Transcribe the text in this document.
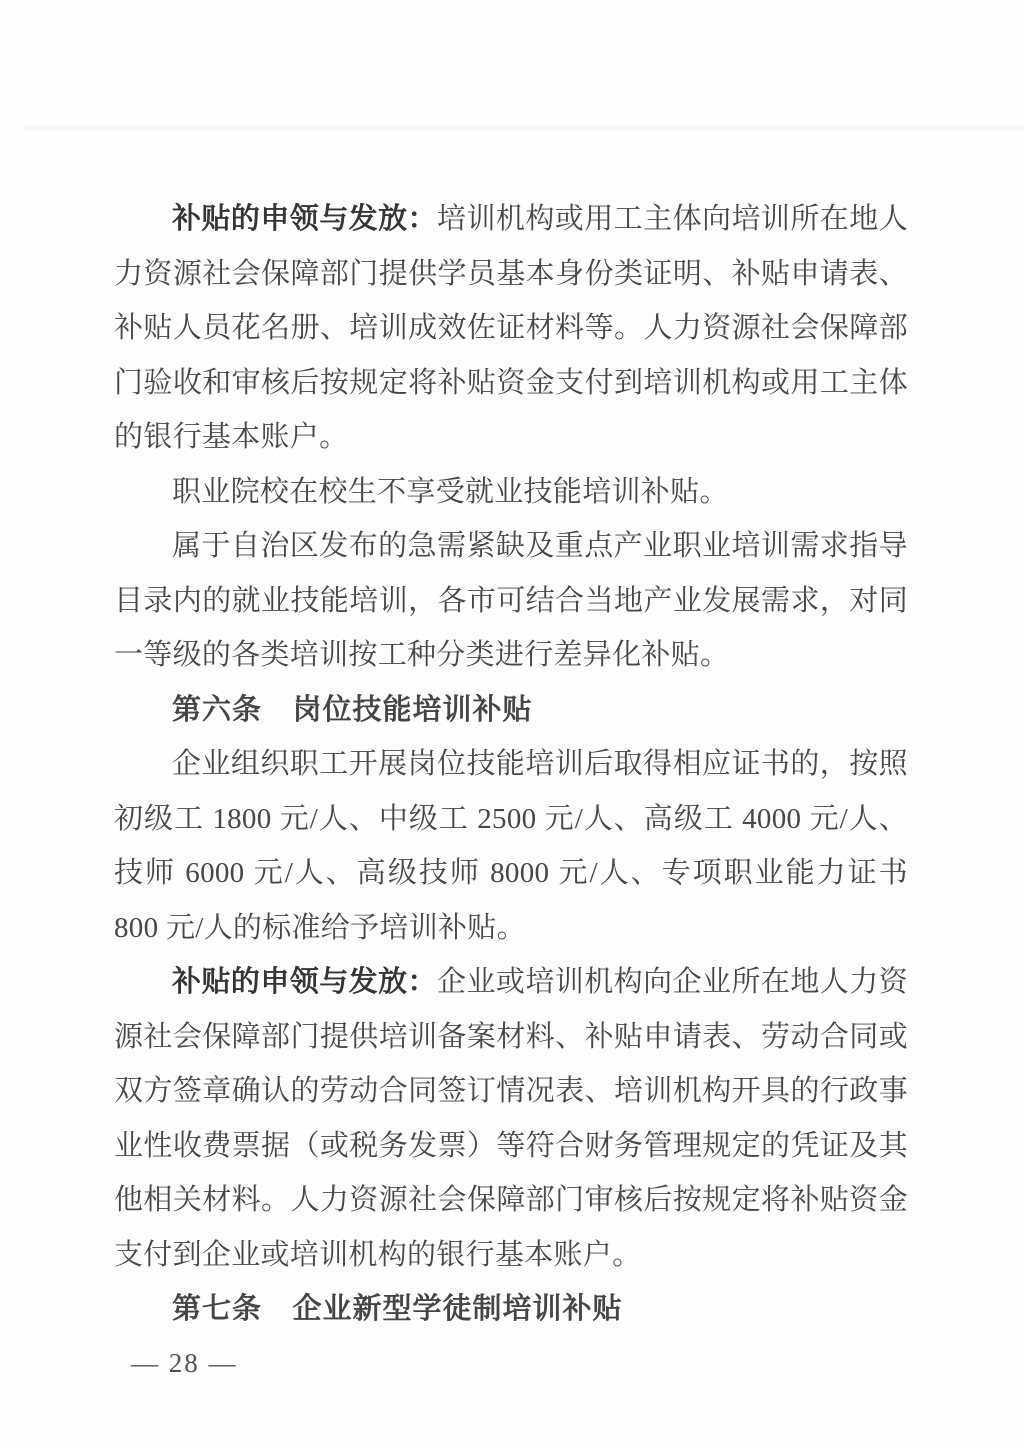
补贴的申领与发放：培训机构或用工主体向培训所在地人力资源社会保障部门提供学员基本身份类证明、补贴申请表、补贴人员花名册、培训成效佐证材料等。人力资源社会保障部门验收和审核后按规定将补贴资金支付到培训机构或用工主体的银行基本账户。

职业院校在校生不享受就业技能培训补贴。

属于自治区发布的急需紧缺及重点产业职业培训需求指导目录内的就业技能培训，各市可结合当地产业发展需求，对同一等级的各类培训按工种分类进行差异化补贴。

第六条 岗位技能培训补贴

企业组织职工开展岗位技能培训后取得相应证书的，按照初级工 1800 元/人、中级工 2500 元/人、高级工 4000 元/人、技师 6000 元/人、高级技师 8000 元/人、专项职业能力证书 800 元/人的标准给予培训补贴。

补贴的申领与发放：企业或培训机构向企业所在地人力资源社会保障部门提供培训备案材料、补贴申请表、劳动合同或双方签章确认的劳动合同签订情况表、培训机构开具的行政事业性收费票据（或税务发票）等符合财务管理规定的凭证及其他相关材料。人力资源社会保障部门审核后按规定将补贴资金支付到企业或培训机构的银行基本账户。

第七条 企业新型学徒制培训补贴

— 28 —
